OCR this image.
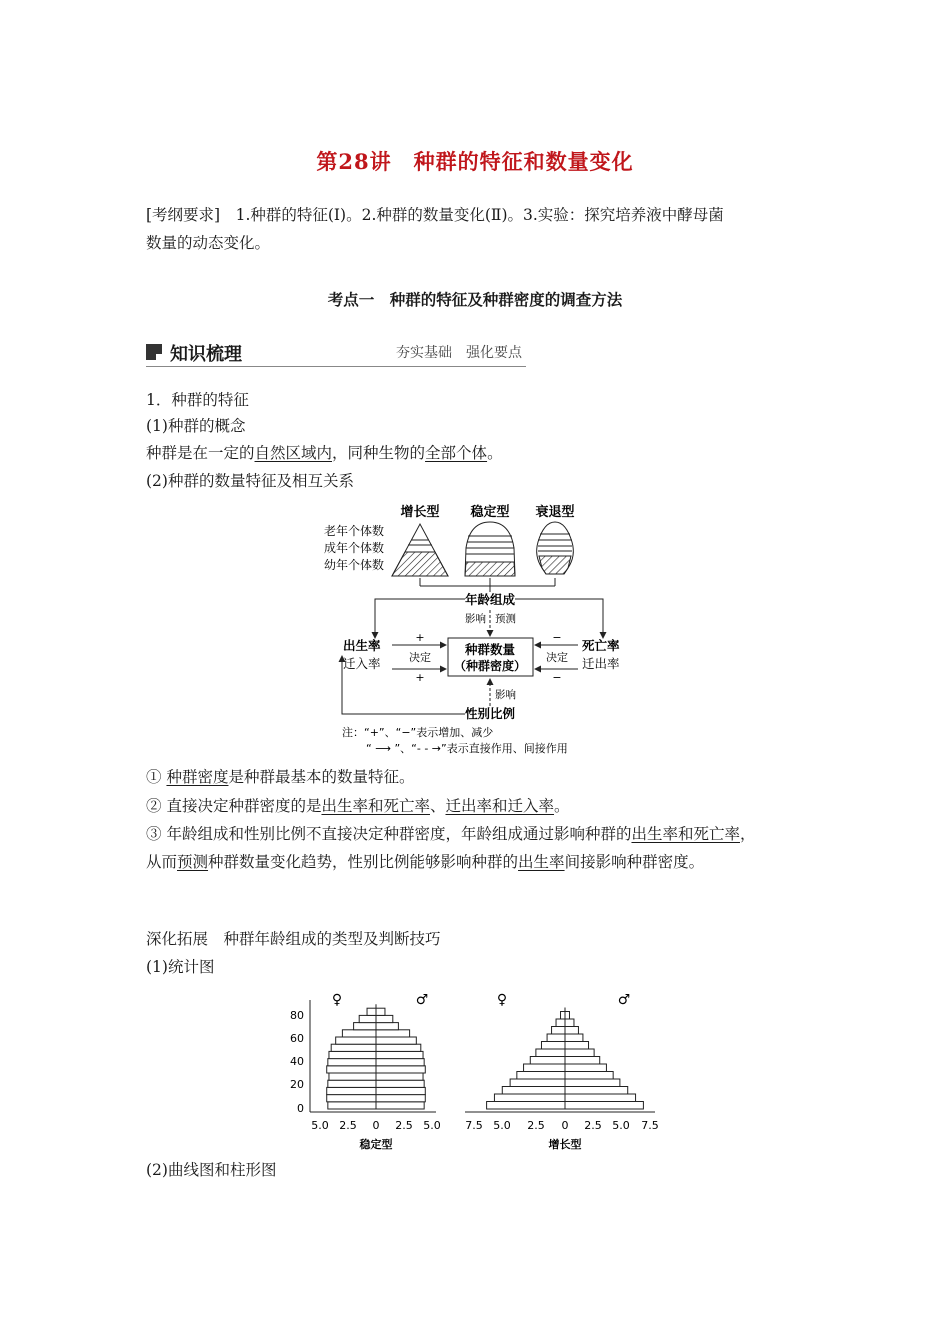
第28讲　种群的特征和数量变化
[考纲要求]　1.种群的特征(Ⅰ)。2.种群的数量变化(Ⅱ)。3.实验：探究培养液中酵母菌
数量的动态变化。
考点一　种群的特征及种群密度的调查方法
知识梳理	夯实基础　强化要点
1．种群的特征
(1)种群的概念
种群是在一定的自然区域内，同种生物的全部个体。
(2)种群的数量特征及相互关系
增长型 稳定型 衰退型
老年个体数
成年个体数
幼年个体数
年龄组成
影响 预测
种群数量
（种群密度）
出生率
迁入率
死亡率
迁出率
+
决定
+
−
决定
−
影响
性别比例
注：“+”、“−”表示增加、减少
“ ⟶ ”、“- - →”表示直接作用、间接作用
① 种群密度是种群最基本的数量特征。
② 直接决定种群密度的是出生率和死亡率、迁出率和迁入率。
③ 年龄组成和性别比例不直接决定种群密度，年龄组成通过影响种群的出生率和死亡率，
从而预测种群数量变化趋势，性别比例能够影响种群的出生率间接影响种群密度。
深化拓展　种群年龄组成的类型及判断技巧
(1)统计图
♀	♂	♀	♂
80
60
40
20
0
5.0 2.5 0 2.5 5.0 7.5 5.0 2.5 0 2.5 5.0 7.5
稳定型	增长型
(2)曲线图和柱形图
